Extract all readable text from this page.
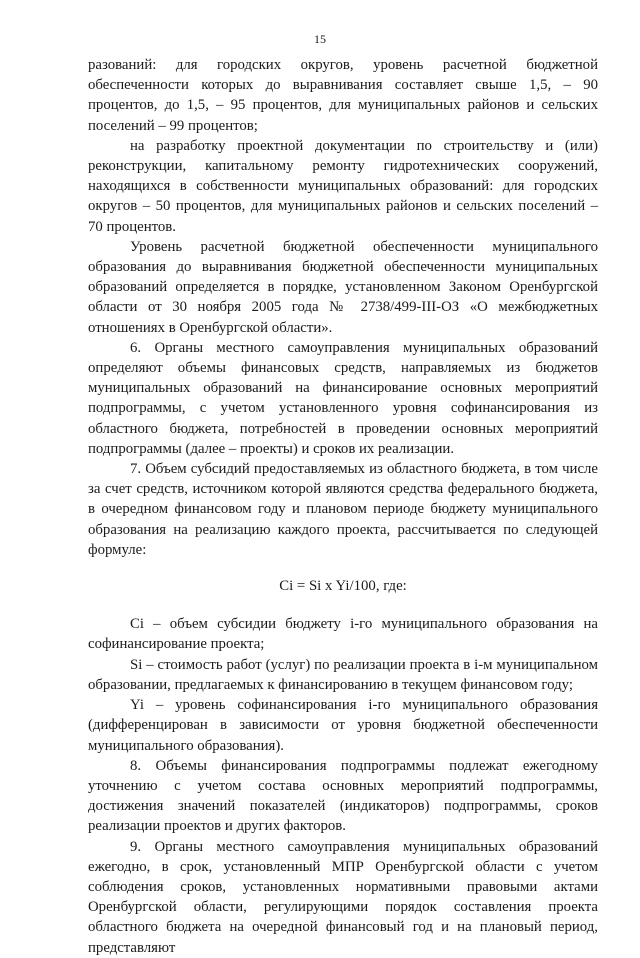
15

разований: для городских округов, уровень расчетной бюджетной обеспеченности которых до выравнивания составляет свыше 1,5, – 90 процентов, до 1,5, – 95 процентов, для муниципальных районов и сельских поселений – 99 процентов;

на разработку проектной документации по строительству и (или) реконструкции, капитальному ремонту гидротехнических сооружений, находящихся в собственности муниципальных образований: для городских округов – 50 процентов, для муниципальных районов и сельских поселений – 70 процентов.

Уровень расчетной бюджетной обеспеченности муниципального образования до выравнивания бюджетной обеспеченности муниципальных образований определяется в порядке, установленном Законом Оренбургской области от 30 ноября 2005 года № 2738/499-III-ОЗ «О межбюджетных отношениях в Оренбургской области».

6. Органы местного самоуправления муниципальных образований определяют объемы финансовых средств, направляемых из бюджетов муниципальных образований на финансирование основных мероприятий подпрограммы, с учетом установленного уровня софинансирования из областного бюджета, потребностей в проведении основных мероприятий подпрограммы (далее – проекты) и сроков их реализации.

7. Объем субсидий предоставляемых из областного бюджета, в том числе за счет средств, источником которой являются средства федерального бюджета, в очередном финансовом году и плановом периоде бюджету муниципального образования на реализацию каждого проекта, рассчитывается по следующей формуле:

Ci = Si x Yi/100, где:

Ci – объем субсидии бюджету i-го муниципального образования на софинансирование проекта;

Si – стоимость работ (услуг) по реализации проекта в i-м муниципальном образовании, предлагаемых к финансированию в текущем финансовом году;

Yi – уровень софинансирования i-го муниципального образования (дифференцирован в зависимости от уровня бюджетной обеспеченности муниципального образования).

8. Объемы финансирования подпрограммы подлежат ежегодному уточнению с учетом состава основных мероприятий подпрограммы, достижения значений показателей (индикаторов) подпрограммы, сроков реализации проектов и других факторов.

9. Органы местного самоуправления муниципальных образований ежегодно, в срок, установленный МПР Оренбургской области с учетом соблюдения сроков, установленных нормативными правовыми актами Оренбургской области, регулирующими порядок составления проекта областного бюджета на очередной финансовый год и на плановый период, представляют
